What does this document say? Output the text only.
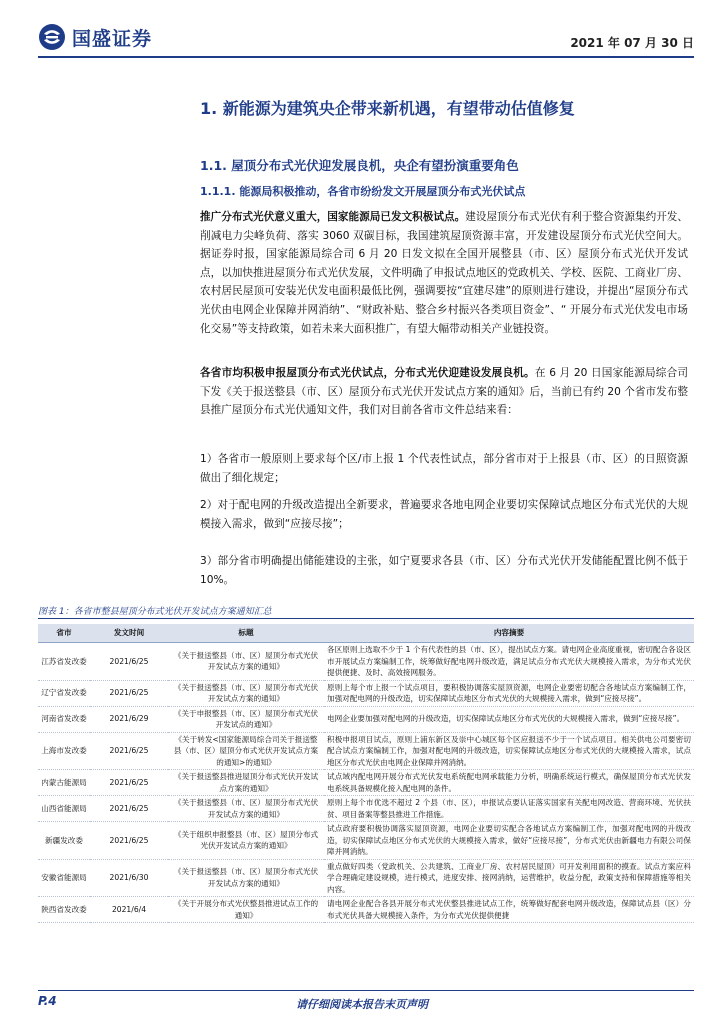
国盛证券	2021 年 07 月 30 日
1. 新能源为建筑央企带来新机遇，有望带动估值修复
1.1. 屋顶分布式光伏迎发展良机，央企有望扮演重要角色
1.1.1. 能源局积极推动，各省市纷纷发文开展屋顶分布式光伏试点
推广分布式光伏意义重大，国家能源局已发文积极试点。建设屋顶分布式光伏有利于整合资源集约开发、削减电力尖峰负荷、落实 3060 双碳目标，我国建筑屋顶资源丰富，开发建设屋顶分布式光伏空间大。据证券时报，国家能源局综合司 6 月 20 日发文拟在全国开展整县（市、区）屋顶分布式光伏开发试点，以加快推进屋顶分布式光伏发展，文件明确了申报试点地区的党政机关、学校、医院、工商业厂房、农村居民屋顶可安装光伏发电面积最低比例，强调要按“宜建尽建”的原则进行建设，并提出“屋顶分布式光伏由电网企业保障并网消纳”、“财政补贴、整合乡村振兴各类项目资金”、“ 开展分布式光伏发电市场化交易”等支持政策，如若未来大面积推广，有望大幅带动相关产业链投资。
各省市均积极申报屋顶分布式光伏试点，分布式光伏迎建设发展良机。在 6 月 20 日国家能源局综合司下发《关于报送整县（市、区）屋顶分布式光伏开发试点方案的通知》后，当前已有约 20 个省市发布整县推广屋顶分布式光伏通知文件，我们对目前各省市文件总结来看：
1）各省市一般原则上要求每个区/市上报 1 个代表性试点，部分省市对于上报县（市、区）的日照资源做出了细化规定；
2）对于配电网的升级改造提出全新要求，普遍要求各地电网企业要切实保障试点地区分布式光伏的大规模接入需求，做到“应接尽接”；
3）部分省市明确提出储能建设的主张，如宁夏要求各县（市、区）分布式光伏开发储能配置比例不低于 10%。
图表 1：各省市整县屋顶分布式光伏开发试点方案通知汇总
省市	发文时间	标题	内容摘要
江苏省发改委	2021/6/25	《关于报送整县（市、区）屋顶分布式光伏开发试点方案的通知》	各区原则上选取不少于 1 个有代表性的县（市、区），提出试点方案。请电网企业高度重视，密切配合各设区市开展试点方案编制工作，统筹做好配电网升级改造，满足试点分布式光伏大规模接入需求，为分布式光伏提供便捷、及时、高效接网服务。
辽宁省发改委	2021/6/25	《关于报送整县（市、区）屋顶分布式光伏开发试点方案的通知》	原则上每个市上报一个试点项目，要积极协调落实屋顶资源，电网企业要密切配合各地试点方案编制工作，加强对配电网的升级改造，切实保障试点地区分布式光伏的大规模接入需求，做到“应接尽接”。
河南省发改委	2021/6/29	《关于申报整县（市、区）屋顶分布式光伏开发试点的通知》	电网企业要加强对配电网的升级改造，切实保障试点地区分布式光伏的大规模接入需求，做到“应接尽接”。
上海市发改委	2021/6/25	《关于转发<国家能源局综合司关于报送整县（市、区）屋顶分布式光伏开发试点方案的通知>的通知》	积极申报项目试点，原则上浦东新区及崇中心城区每个区应报送不少于一个试点项目。相关供电公司要密切配合试点方案编制工作，加强对配电网的升级改造，切实保障试点地区分布式光伏的大规模接入需求，试点地区分布式光伏由电网企业保障并网消纳。
内蒙古能源局	2021/6/25	《关于报送整县推进屋顶分布式光伏开发试点方案的通知》	试点域内配电网开展分布式光伏发电系统配电网承载能力分析，明确系统运行模式，确保屋顶分布式光伏发电系统具备规模化接入配电网的条件。
山西省能源局	2021/6/25	《关于报送整县（市、区）屋顶分布式光伏开发试点方案的通知》	原则上每个市优选不超过 2 个县（市、区），申报试点要认证落实国家有关配电网改造、营商环境、光伏扶贫、项目备案等整县推进工作措施。
新疆发改委	2021/6/25	《关于组织申报整县（市、区）屋顶分布式光伏开发试点方案的通知》	试点政府要积极协调落实屋顶资源，电网企业要切实配合各地试点方案编制工作，加强对配电网的升级改造，切实保障试点地区分布式光伏的大规模接入需求，做好“应接尽接”，分布式光伏由新疆电力有限公司保障并网消纳。
安徽省能源局	2021/6/30	《关于报送整县（市、区）屋顶分布式光伏开发试点方案的通知》	重点做好四类（党政机关、公共建筑、工商业厂房、农村居民屋顶）可开发利用面积的摸查。试点方案应科学合理确定建设规模，进行模式，进度安排、接网消纳，运营维护，收益分配，政策支持和保障措施等相关内容。
陕西省发改委	2021/6/4	《关于开展分布式光伏整县推进试点工作的通知》	请电网企业配合各县开展分布式光伏整县推进试点工作，统筹做好配套电网升级改造，保障试点县（区）分布式光伏具备大规模接入条件，为分布式光伏提供便捷
P.4	请仔细阅读本报告末页声明
